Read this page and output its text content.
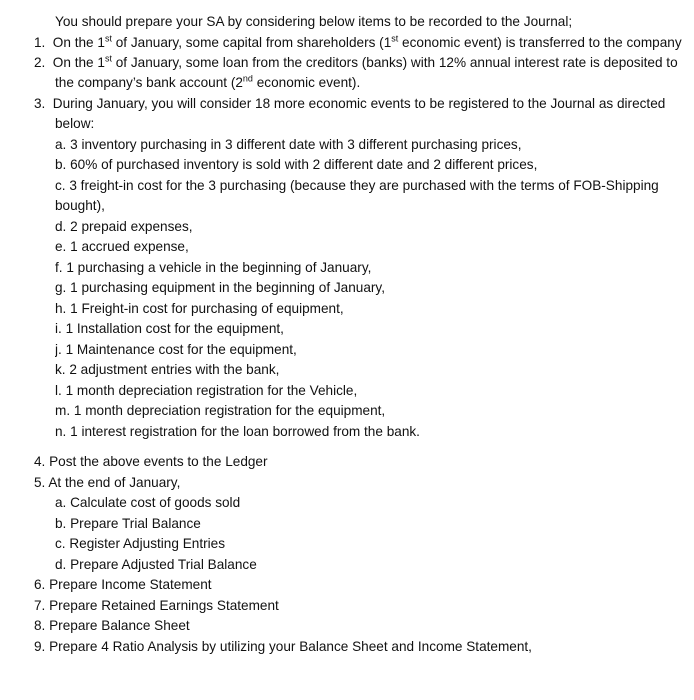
You should prepare your SA by considering below items to be recorded to the Journal;
1. On the 1st of January, some capital from shareholders (1st economic event) is transferred to the company
2. On the 1st of January, some loan from the creditors (banks) with 12% annual interest rate is deposited to
the company’s bank account (2nd economic event).
3. During January, you will consider 18 more economic events to be registered to the Journal as directed
below:
a. 3 inventory purchasing in 3 different date with 3 different purchasing prices,
b. 60% of purchased inventory is sold with 2 different date and 2 different prices,
c. 3 freight-in cost for the 3 purchasing (because they are purchased with the terms of FOB-Shipping
bought),
d. 2 prepaid expenses,
e. 1 accrued expense,
f. 1 purchasing a vehicle in the beginning of January,
g. 1 purchasing equipment in the beginning of January,
h. 1 Freight-in cost for purchasing of equipment,
i. 1 Installation cost for the equipment,
j. 1 Maintenance cost for the equipment,
k. 2 adjustment entries with the bank,
l. 1 month depreciation registration for the Vehicle,
m. 1 month depreciation registration for the equipment,
n. 1 interest registration for the loan borrowed from the bank.
4. Post the above events to the Ledger
5. At the end of January,
a. Calculate cost of goods sold
b. Prepare Trial Balance
c. Register Adjusting Entries
d. Prepare Adjusted Trial Balance
6. Prepare Income Statement
7. Prepare Retained Earnings Statement
8. Prepare Balance Sheet
9. Prepare 4 Ratio Analysis by utilizing your Balance Sheet and Income Statement,
